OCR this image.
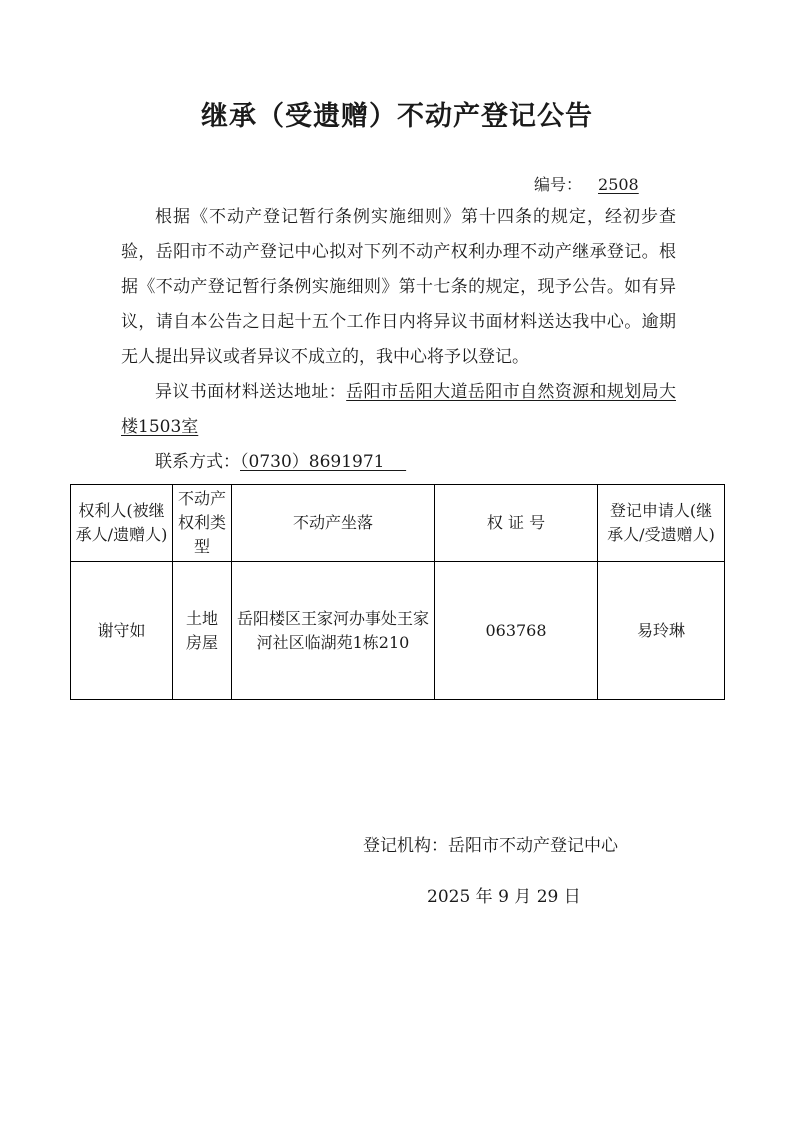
继承（受遗赠）不动产登记公告
编号： 2508

根据《不动产登记暂行条例实施细则》第十四条的规定，经初步查验，岳阳市不动产登记中心拟对下列不动产权利办理不动产继承登记。根据《不动产登记暂行条例实施细则》第十七条的规定，现予公告。如有异议，请自本公告之日起十五个工作日内将异议书面材料送达我中心。逾期无人提出异议或者异议不成立的，我中心将予以登记。

异议书面材料送达地址：岳阳市岳阳大道岳阳市自然资源和规划局大楼1503室

联系方式：（0730）8691971

权利人(被继承人/遗赠人)	不动产权利类型	不动产坐落	权 证 号	登记申请人(继承人/受遗赠人)
谢守如	土地房屋	岳阳楼区王家河办事处王家河社区临湖苑1栋210	063768	易玲琳
登记机构：岳阳市不动产登记中心
2025 年 9 月 29 日
